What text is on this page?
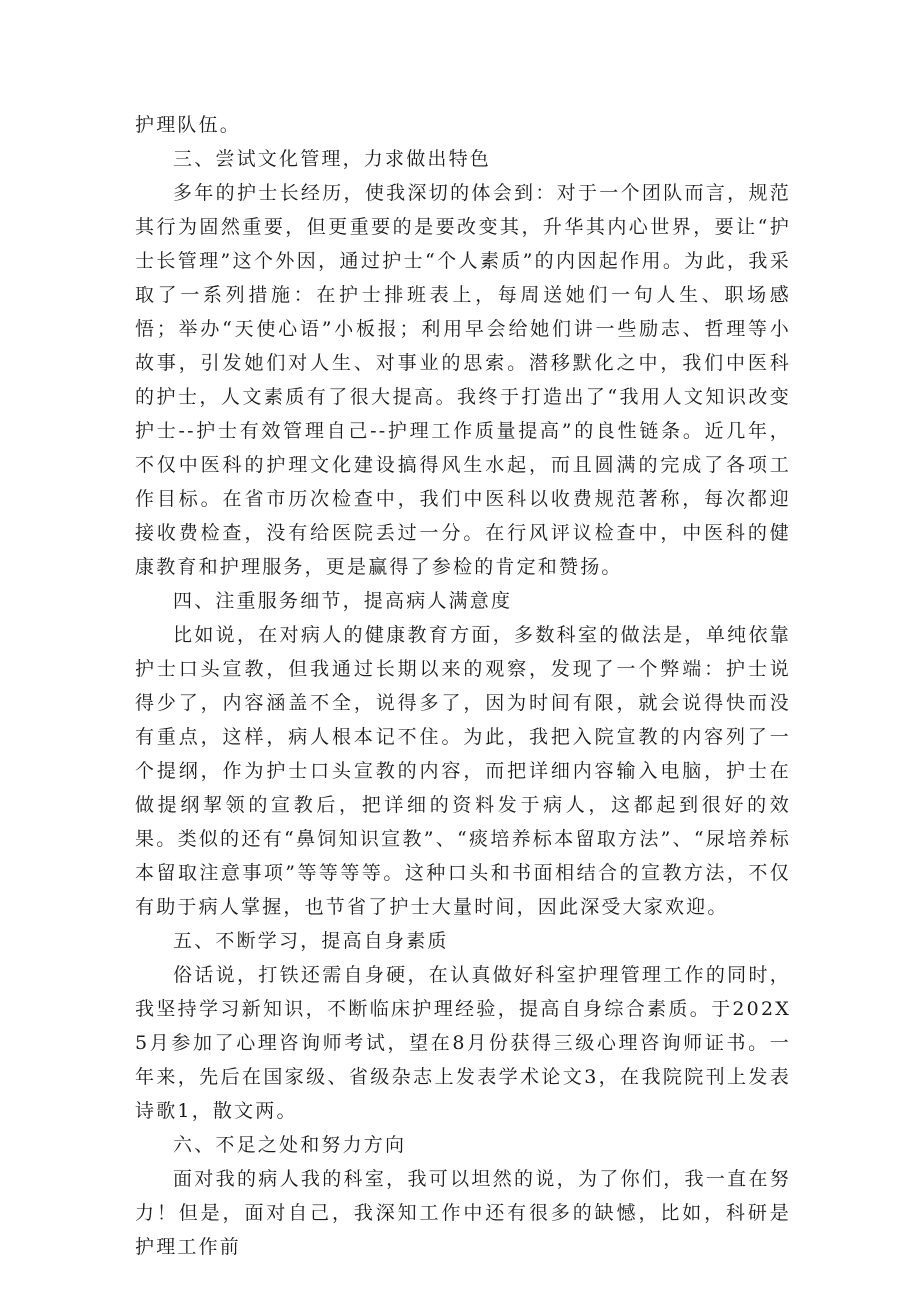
护理队伍。

三、尝试文化管理，力求做出特色

多年的护士长经历，使我深切的体会到：对于一个团队而言，规范其行为固然重要，但更重要的是要改变其，升华其内心世界，要让“护士长管理”这个外因，通过护士“个人素质”的内因起作用。为此，我采取了一系列措施：在护士排班表上，每周送她们一句人生、职场感悟；举办“天使心语”小板报；利用早会给她们讲一些励志、哲理等小故事，引发她们对人生、对事业的思索。潜移默化之中，我们中医科的护士，人文素质有了很大提高。我终于打造出了“我用人文知识改变护士--护士有效管理自己--护理工作质量提高”的良性链条。近几年，不仅中医科的护理文化建设搞得风生水起，而且圆满的完成了各项工作目标。在省市历次检查中，我们中医科以收费规范著称，每次都迎接收费检查，没有给医院丢过一分。在行风评议检查中，中医科的健康教育和护理服务，更是赢得了参检的肯定和赞扬。

四、注重服务细节，提高病人满意度

比如说，在对病人的健康教育方面，多数科室的做法是，单纯依靠护士口头宣教，但我通过长期以来的观察，发现了一个弊端：护士说得少了，内容涵盖不全，说得多了，因为时间有限，就会说得快而没有重点，这样，病人根本记不住。为此，我把入院宣教的内容列了一个提纲，作为护士口头宣教的内容，而把详细内容输入电脑，护士在做提纲挈领的宣教后，把详细的资料发于病人，这都起到很好的效果。类似的还有“鼻饲知识宣教”、“痰培养标本留取方法”、“尿培养标本留取注意事项”等等等等。这种口头和书面相结合的宣教方法，不仅有助于病人掌握，也节省了护士大量时间，因此深受大家欢迎。

五、不断学习，提高自身素质

俗话说，打铁还需自身硬，在认真做好科室护理管理工作的同时，我坚持学习新知识，不断临床护理经验，提高自身综合素质。于202X5月参加了心理咨询师考试，望在8月份获得三级心理咨询师证书。一年来，先后在国家级、省级杂志上发表学术论文3，在我院院刊上发表诗歌1，散文两。

六、不足之处和努力方向

面对我的病人我的科室，我可以坦然的说，为了你们，我一直在努力！但是，面对自己，我深知工作中还有很多的缺憾，比如，科研是护理工作前
